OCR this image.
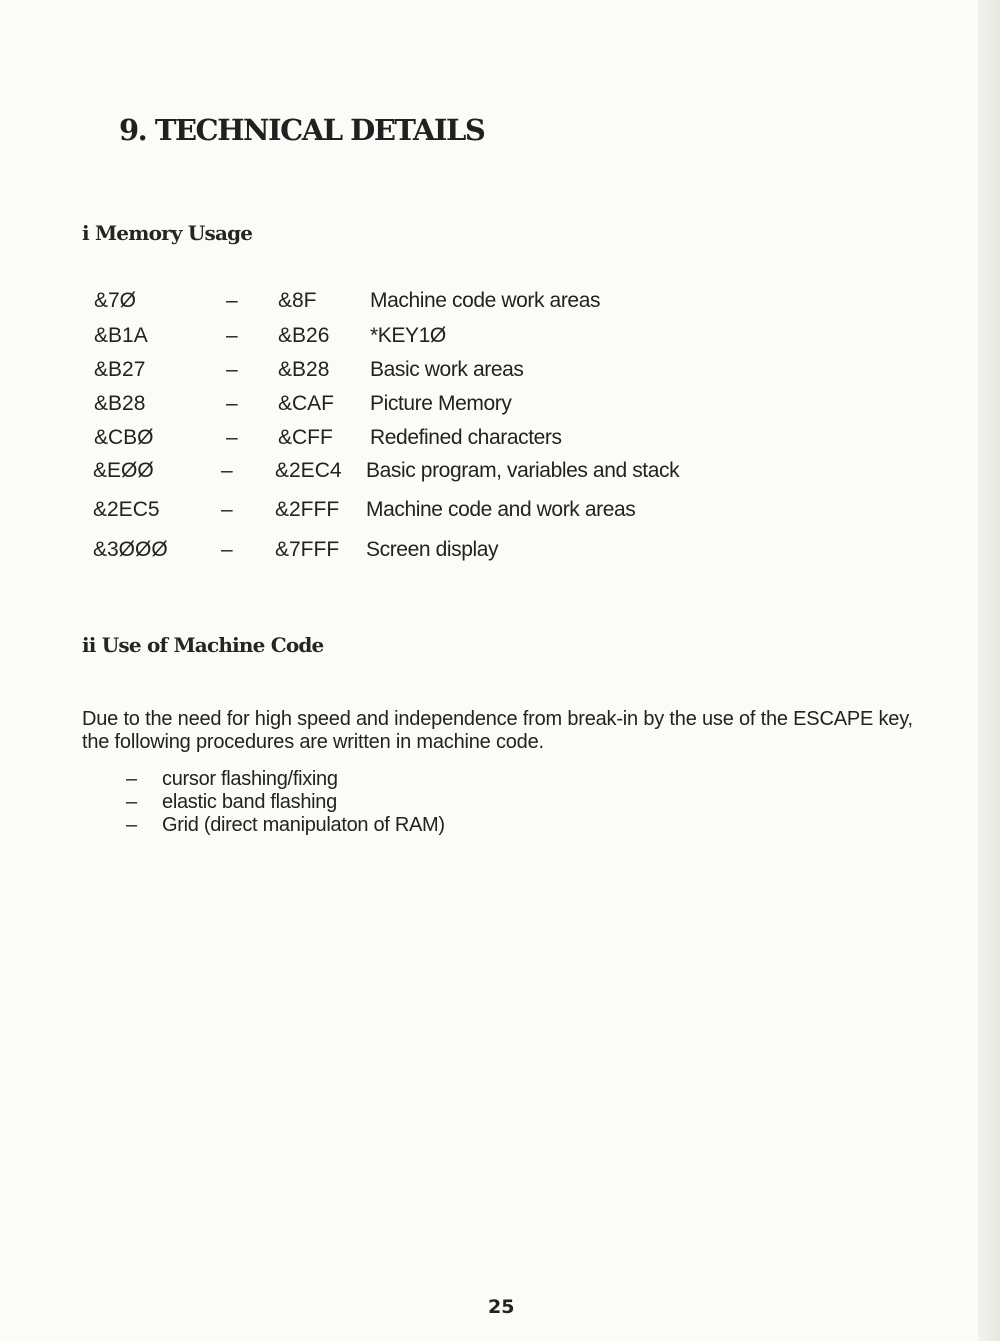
9. TECHNICAL DETAILS
i Memory Usage
&7Ø	– &8F	Machine code work areas
&B1A	– &B26 *KEY1Ø
&B27	– &B28 Basic work areas
&B28	– &CAF Picture Memory
&CBØ	– &CFF Redefined characters
&EØØ	– &2EC4 Basic program, variables and stack
&2EC5	– &2FFF Machine code and work areas
&3ØØØ	– &7FFF Screen display
ii Use of Machine Code

Due to the need for high speed and independence from break-in by the use of the ESCAPE key, the following procedures are written in machine code.

– cursor flashing/fixing
– elastic band flashing
– Grid (direct manipulaton of RAM)
25
